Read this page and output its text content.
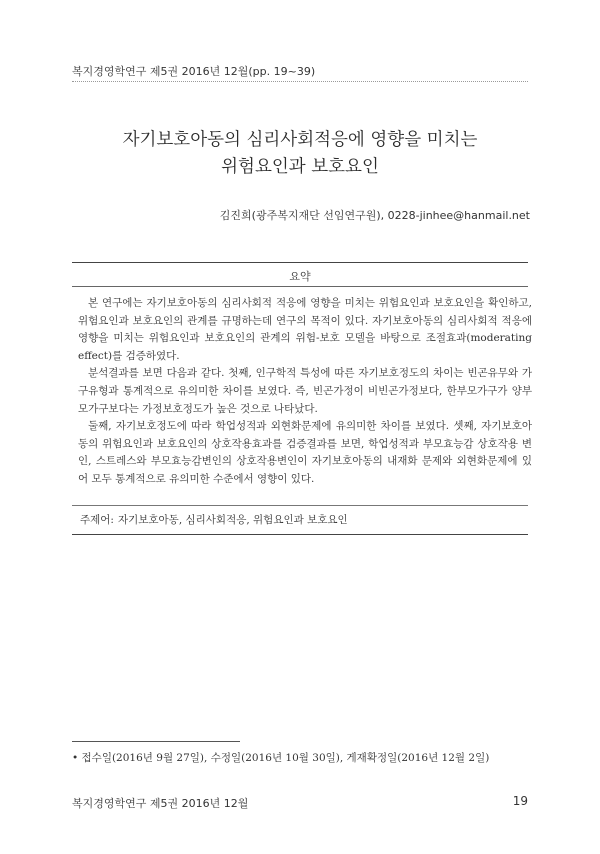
복지경영학연구 제5권 2016년 12월(pp. 19~39)
자기보호아동의 심리사회적응에 영향을 미치는
위험요인과 보호요인
김진희(광주복지재단 선임연구원), 0228-jinhee@hanmail.net
요약

본 연구에는 자기보호아동의 심리사회적 적응에 영향을 미치는 위험요인과 보호요인을 확인하고, 위험요인과 보호요인의 관계를 규명하는데 연구의 목적이 있다. 자기보호아동의 심리사회적 적응에 영향을 미치는 위험요인과 보호요인의 관계의 위험-보호 모델을 바탕으로 조절효과(moderating effect)를 검증하였다.

분석결과를 보면 다음과 같다. 첫째, 인구학적 특성에 따른 자기보호정도의 차이는 빈곤유무와 가구유형과 통계적으로 유의미한 차이를 보였다. 즉, 빈곤가정이 비빈곤가정보다, 한부모가구가 양부모가구보다는 가정보호정도가 높은 것으로 나타났다.

둘째, 자기보호정도에 따라 학업성적과 외현화문제에 유의미한 차이를 보였다. 셋째, 자기보호아동의 위험요인과 보호요인의 상호작용효과를 검증결과를 보면, 학업성적과 부모효능감 상호작용 변인, 스트레스와 부모효능감변인의 상호작용변인이 자기보호아동의 내재화 문제와 외현화문제에 있어 모두 통계적으로 유의미한 수준에서 영향이 있다.

주제어: 자기보호아동, 심리사회적응, 위험요인과 보호요인
• 접수일(2016년 9월 27일), 수정일(2016년 10월 30일), 게재확정일(2016년 12월 2일)
복지경영학연구 제5권 2016년 12월	19
